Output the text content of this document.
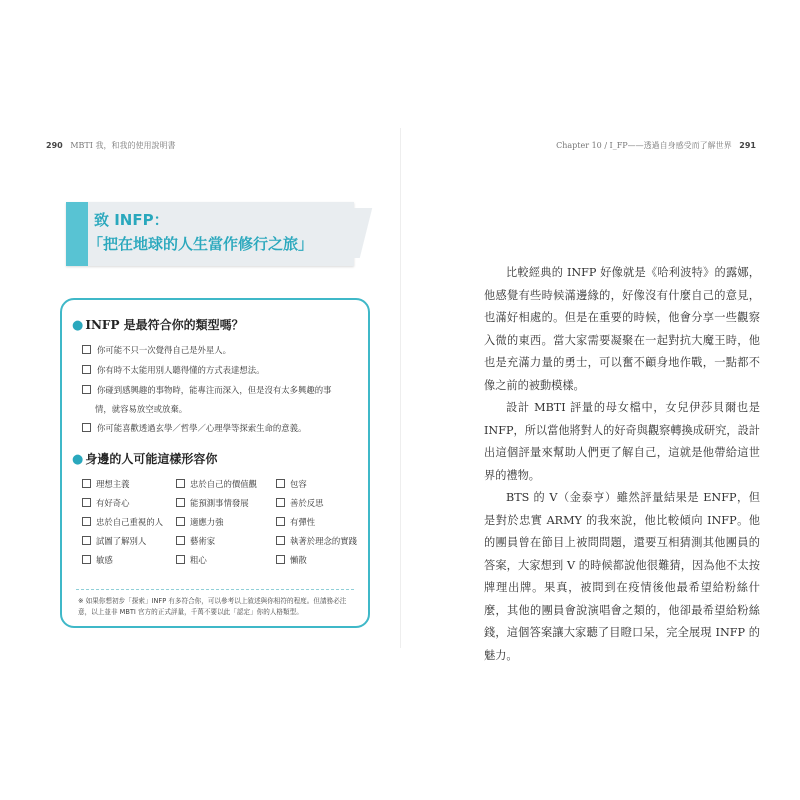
290 MBTI 我，和我的使用說明書	Chapter 10 / I_FP——透過自身感受而了解世界 291
致 INFP：
「把在地球的人生當作修行之旅」
● INFP 是最符合你的類型嗎？
你可能不只一次覺得自己是外星人。
你有時不太能用別人聽得懂的方式表達想法。
你碰到感興趣的事物時，能專注而深入，但是沒有太多興趣的事
情，就容易放空或放棄。
你可能喜歡透過玄學／哲學／心理學等探索生命的意義。
● 身邊的人可能這樣形容你
理想主義	忠於自己的價值觀	包容
有好奇心	能預測事情發展	善於反思
忠於自己重視的人	適應力強	有彈性
試圖了解別人	藝術家	執著於理念的實踐
敏感	粗心	懶散
※ 如果你想初步「探索」INFP 有多符合你，可以參考以上敘述與你相符的程度。但請務必注意，以上並非 MBTI 官方的正式評量，千萬不要以此「認定」你的人格類型。

比較經典的 INFP 好像就是《哈利波特》的露娜，他感覺有些時候滿邊緣的，好像沒有什麼自己的意見，也滿好相處的。但是在重要的時候，他會分享一些觀察入微的東西。當大家需要凝聚在一起對抗大魔王時，他也是充滿力量的勇士，可以奮不顧身地作戰，一點都不像之前的被動模樣。

設計 MBTI 評量的母女檔中，女兒伊莎貝爾也是 INFP，所以當他將對人的好奇與觀察轉換成研究，設計出這個評量來幫助人們更了解自己，這就是他帶給這世界的禮物。

BTS 的 V（金泰亨）雖然評量結果是 ENFP，但是對於忠實 ARMY 的我來說，他比較傾向 INFP。他的團員曾在節目上被問問題，還要互相猜測其他團員的答案，大家想到 V 的時候都說他很難猜，因為他不太按牌理出牌。果真，被問到在疫情後他最希望給粉絲什麼，其他的團員會說演唱會之類的，他卻最希望給粉絲錢，這個答案讓大家聽了目瞪口呆，完全展現 INFP 的魅力。
